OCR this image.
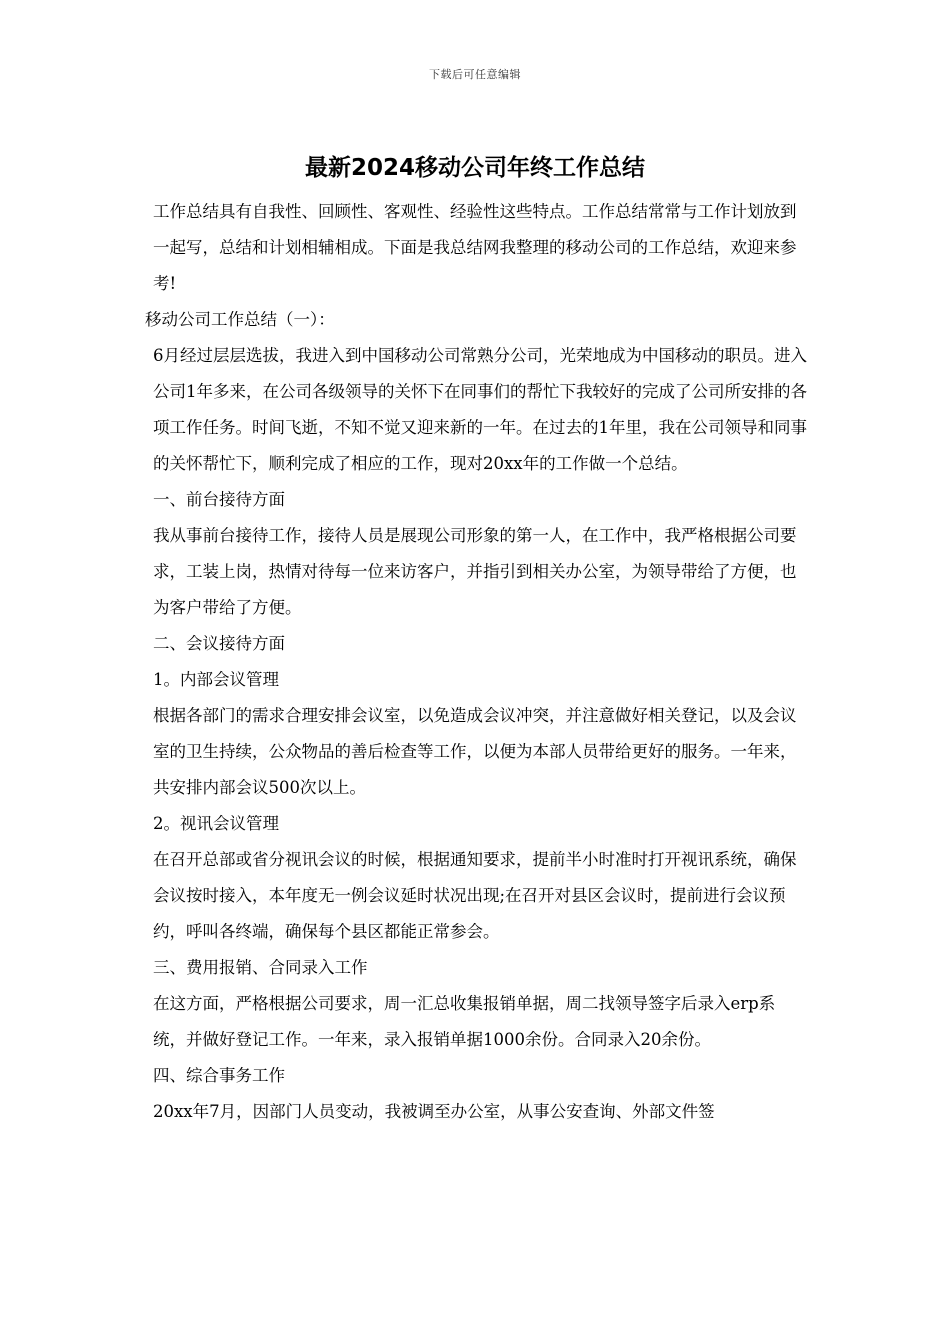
下载后可任意编辑
最新2024移动公司年终工作总结

工作总结具有自我性、回顾性、客观性、经验性这些特点。工作总结常常与工作计划放到一起写，总结和计划相辅相成。下面是我总结网我整理的移动公司的工作总结，欢迎来参考!

移动公司工作总结（一）：

6月经过层层选拔，我进入到中国移动公司常熟分公司，光荣地成为中国移动的职员。进入公司1年多来，在公司各级领导的关怀下在同事们的帮忙下我较好的完成了公司所安排的各项工作任务。时间飞逝，不知不觉又迎来新的一年。在过去的1年里，我在公司领导和同事的关怀帮忙下，顺利完成了相应的工作，现对20xx年的工作做一个总结。

一、前台接待方面

我从事前台接待工作，接待人员是展现公司形象的第一人，在工作中，我严格根据公司要求，工装上岗，热情对待每一位来访客户，并指引到相关办公室，为领导带给了方便，也为客户带给了方便。

二、会议接待方面

1。内部会议管理

根据各部门的需求合理安排会议室，以免造成会议冲突，并注意做好相关登记，以及会议室的卫生持续，公众物品的善后检查等工作，以便为本部人员带给更好的服务。一年来，共安排内部会议500次以上。

2。视讯会议管理

在召开总部或省分视讯会议的时候，根据通知要求，提前半小时准时打开视讯系统，确保会议按时接入，本年度无一例会议延时状况出现;在召开对县区会议时，提前进行会议预约，呼叫各终端，确保每个县区都能正常参会。

三、费用报销、合同录入工作

在这方面，严格根据公司要求，周一汇总收集报销单据，周二找领导签字后录入erp系统，并做好登记工作。一年来，录入报销单据1000余份。合同录入20余份。

四、综合事务工作

20xx年7月，因部门人员变动，我被调至办公室，从事公安查询、外部文件签
